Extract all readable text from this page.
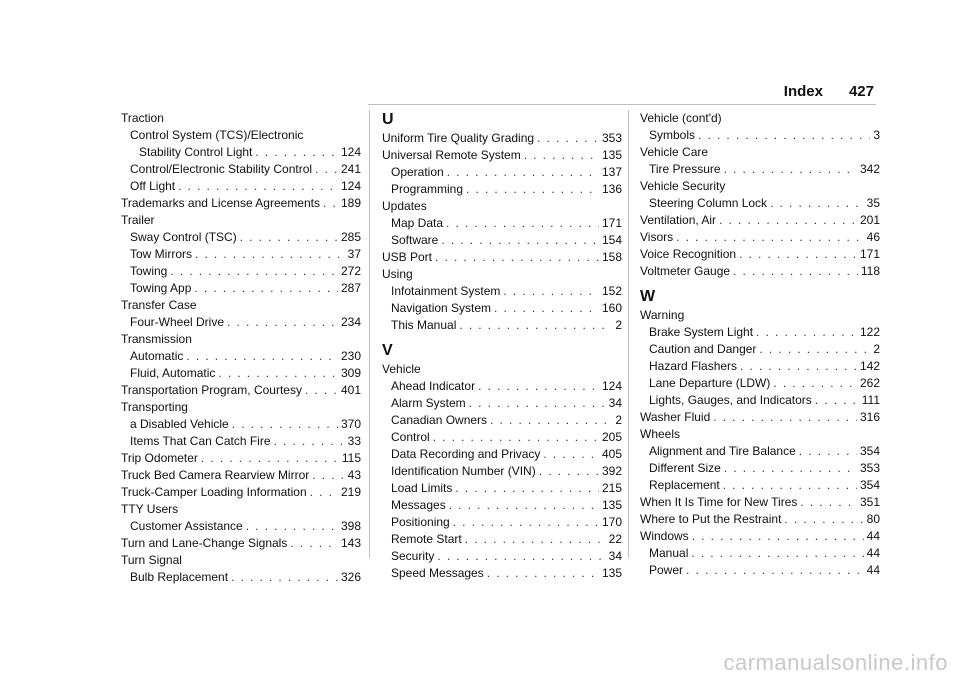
Index 427
Traction
Control System (TCS)/Electronic
Stability Control Light . . .	124
Control/Electronic Stability Control . . . 241
Off Light . . .	124
Trademarks and License Agreements . . . 189
Trailer
Sway Control (TSC) . . .	285
Tow Mirrors . . .	37
Towing . . .	272
Towing App . . .	287
Transfer Case
Four-Wheel Drive . . .	234
Transmission
Automatic . . .	230
Fluid, Automatic . . .	309
Transportation Program, Courtesy . . .	401
Transporting
a Disabled Vehicle . . .	370
Items That Can Catch Fire . . .	33
Trip Odometer . . .	115
Truck Bed Camera Rearview Mirror . . .	43
Truck-Camper Loading Information . . .	219
TTY Users
Customer Assistance . . .	398
Turn and Lane-Change Signals . . .	143
Turn Signal
Bulb Replacement . . .	326
U
Uniform Tire Quality Grading . . .	353
Universal Remote System . . .	135
Operation . . .	137
Programming . . .	136
Updates
Map Data . . .	171
Software . . .	154
USB Port . . .	158
Using
Infotainment System . . .	152
Navigation System . . .	160
This Manual . . .	2
V
Vehicle
Ahead Indicator . . .	124
Alarm System . . .	34
Canadian Owners . . .	2
Control . . .	205
Data Recording and Privacy . . .	405
Identification Number (VIN) . . .	392
Load Limits . . .	215
Messages . . .	135
Positioning . . .	170
Remote Start . . .	22
Security . . .	34
Speed Messages . . .	135
Vehicle (cont'd)
Symbols . . .	3
Vehicle Care
Tire Pressure . . .	342
Vehicle Security
Steering Column Lock . . .	35
Ventilation, Air . . .	201
Visors . . .	46
Voice Recognition . . .	171
Voltmeter Gauge . . .	118
W
Warning
Brake System Light . . .	122
Caution and Danger . . .	2
Hazard Flashers . . .	142
Lane Departure (LDW) . . .	262
Lights, Gauges, and Indicators . . .	111
Washer Fluid . . .	316
Wheels
Alignment and Tire Balance . . .	354
Different Size . . .	353
Replacement . . .	354
When It Is Time for New Tires . . .	351
Where to Put the Restraint . . .	80
Windows . . .	44
Manual . . .	44
Power . . .	44
carmanualsonline.info
